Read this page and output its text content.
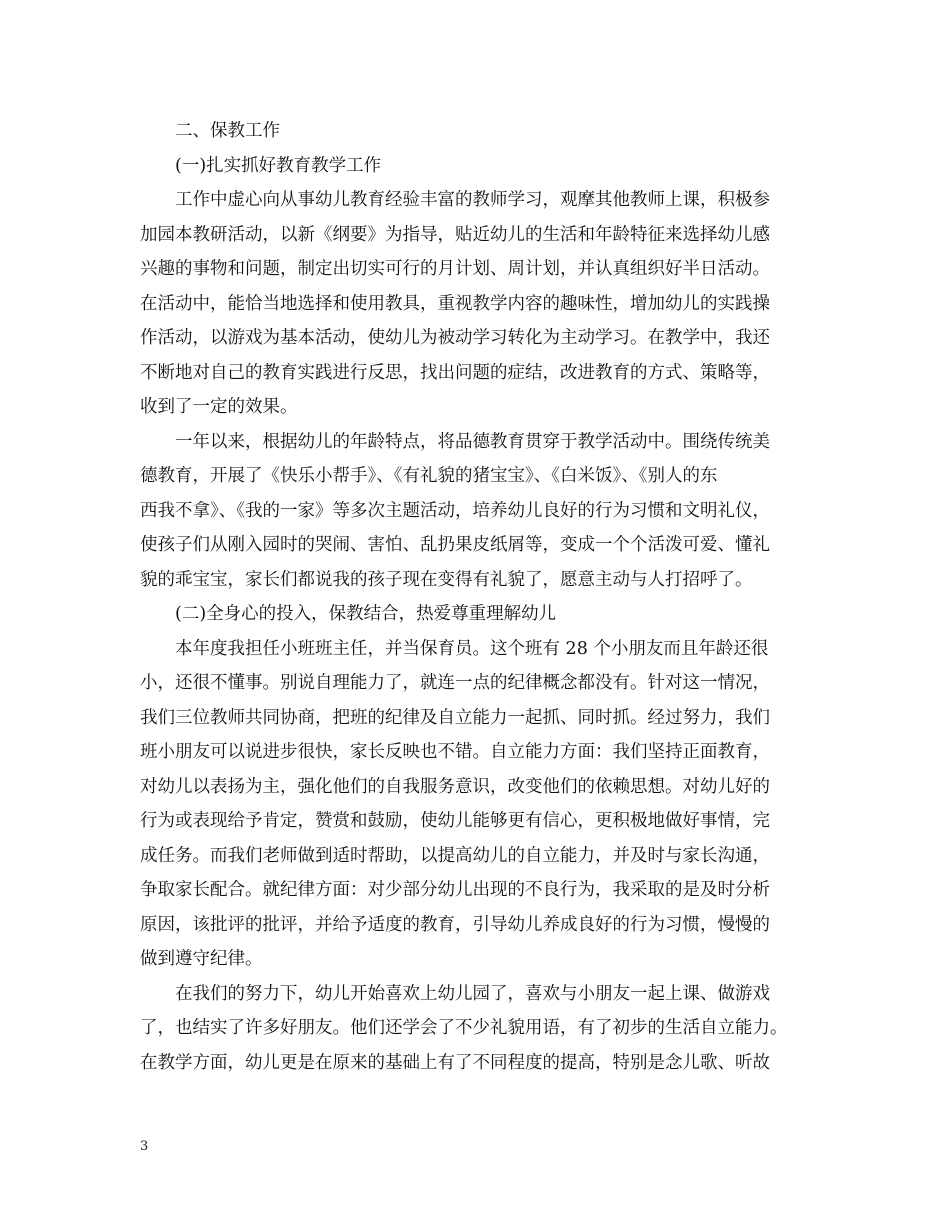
二、保教工作
(一)扎实抓好教育教学工作
工作中虚心向从事幼儿教育经验丰富的教师学习，观摩其他教师上课，积极参
加园本教研活动，以新《纲要》为指导，贴近幼儿的生活和年龄特征来选择幼儿感
兴趣的事物和问题，制定出切实可行的月计划、周计划，并认真组织好半日活动。
在活动中，能恰当地选择和使用教具，重视教学内容的趣味性，增加幼儿的实践操
作活动，以游戏为基本活动，使幼儿为被动学习转化为主动学习。在教学中，我还
不断地对自己的教育实践进行反思，找出问题的症结，改进教育的方式、策略等，
收到了一定的效果。
一年以来，根据幼儿的年龄特点，将品德教育贯穿于教学活动中。围绕传统美
德教育，开展了《快乐小帮手》、《有礼貌的猪宝宝》、《白米饭》、《别人的东
西我不拿》、《我的一家》等多次主题活动，培养幼儿良好的行为习惯和文明礼仪，
使孩子们从刚入园时的哭闹、害怕、乱扔果皮纸屑等，变成一个个活泼可爱、懂礼
貌的乖宝宝，家长们都说我的孩子现在变得有礼貌了，愿意主动与人打招呼了。
(二)全身心的投入，保教结合，热爱尊重理解幼儿
本年度我担任小班班主任，并当保育员。这个班有 28 个小朋友而且年龄还很
小，还很不懂事。别说自理能力了，就连一点的纪律概念都没有。针对这一情况，
我们三位教师共同协商，把班的纪律及自立能力一起抓、同时抓。经过努力，我们
班小朋友可以说进步很快，家长反映也不错。自立能力方面：我们坚持正面教育，
对幼儿以表扬为主，强化他们的自我服务意识，改变他们的依赖思想。对幼儿好的
行为或表现给予肯定，赞赏和鼓励，使幼儿能够更有信心，更积极地做好事情，完
成任务。而我们老师做到适时帮助，以提高幼儿的自立能力，并及时与家长沟通，
争取家长配合。就纪律方面：对少部分幼儿出现的不良行为，我采取的是及时分析
原因，该批评的批评，并给予适度的教育，引导幼儿养成良好的行为习惯，慢慢的
做到遵守纪律。
在我们的努力下，幼儿开始喜欢上幼儿园了，喜欢与小朋友一起上课、做游戏
了，也结实了许多好朋友。他们还学会了不少礼貌用语，有了初步的生活自立能力。
在教学方面，幼儿更是在原来的基础上有了不同程度的提高，特别是念儿歌、听故
3
